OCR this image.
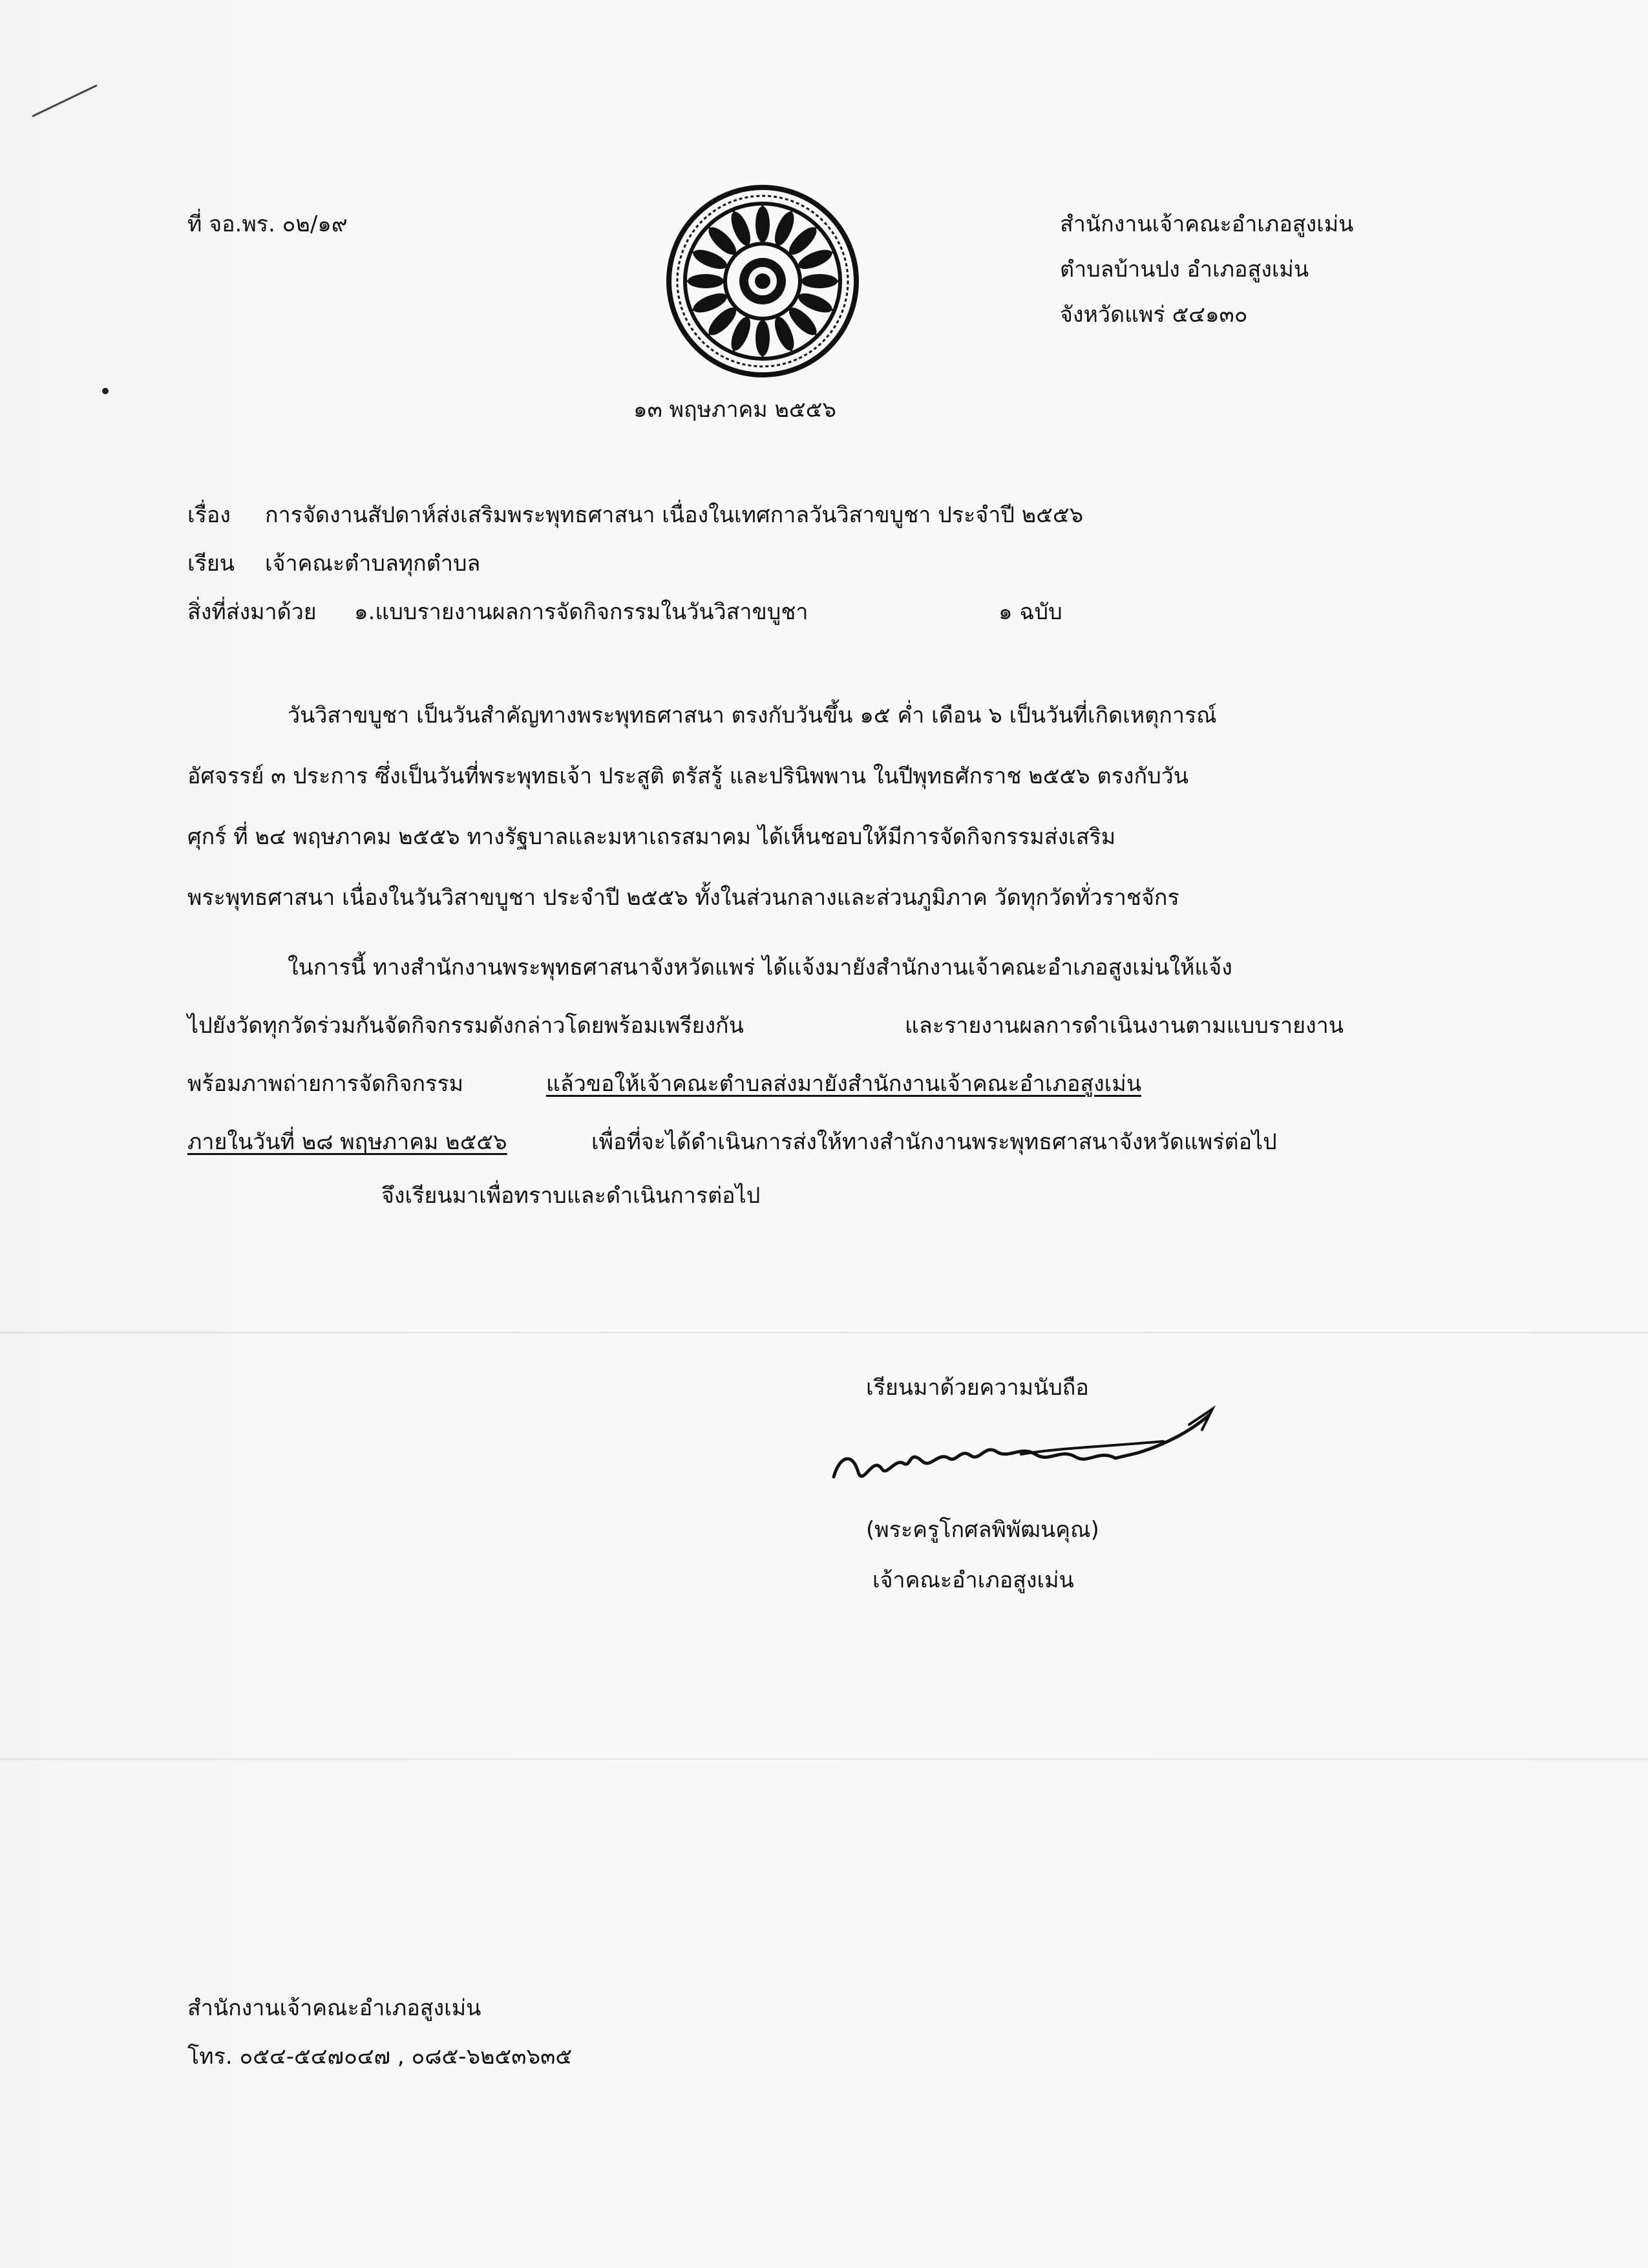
ที่ จอ.พร. ๐๒/๑๙	สำนักงานเจ้าคณะอำเภอสูงเม่น
ตำบลบ้านปง อำเภอสูงเม่น
จังหวัดแพร่ ๕๔๑๓๐
๑๓ พฤษภาคม ๒๕๕๖
เรื่อง การจัดงานสัปดาห์ส่งเสริมพระพุทธศาสนา เนื่องในเทศกาลวันวิสาขบูชา ประจำปี ๒๕๕๖
เรียน เจ้าคณะตำบลทุกตำบล
สิ่งที่ส่งมาด้วย ๑.แบบรายงานผลการจัดกิจกรรมในวันวิสาขบูชา	๑ ฉบับ
วันวิสาขบูชา เป็นวันสำคัญทางพระพุทธศาสนา ตรงกับวันขึ้น ๑๕ ค่ำ เดือน ๖ เป็นวันที่เกิดเหตุการณ์
อัศจรรย์ ๓ ประการ ซึ่งเป็นวันที่พระพุทธเจ้า ประสูติ ตรัสรู้ และปรินิพพาน ในปีพุทธศักราช ๒๕๕๖ ตรงกับวัน
ศุกร์ ที่ ๒๔ พฤษภาคม ๒๕๕๖ ทางรัฐบาลและมหาเถรสมาคม ได้เห็นชอบให้มีการจัดกิจกรรมส่งเสริม
พระพุทธศาสนา เนื่องในวันวิสาขบูชา ประจำปี ๒๕๕๖ ทั้งในส่วนกลางและส่วนภูมิภาค วัดทุกวัดทั่วราชจักร
ในการนี้ ทางสำนักงานพระพุทธศาสนาจังหวัดแพร่ ได้แจ้งมายังสำนักงานเจ้าคณะอำเภอสูงเม่นให้แจ้ง
ไปยังวัดทุกวัดร่วมกันจัดกิจกรรมดังกล่าวโดยพร้อมเพรียงกัน	และรายงานผลการดำเนินงานตามแบบรายงาน
พร้อมภาพถ่ายการจัดกิจกรรม	แล้วขอให้เจ้าคณะตำบลส่งมายังสำนักงานเจ้าคณะอำเภอสูงเม่น
ภายในวันที่ ๒๘ พฤษภาคม ๒๕๕๖	เพื่อที่จะได้ดำเนินการส่งให้ทางสำนักงานพระพุทธศาสนาจังหวัดแพร่ต่อไป
จึงเรียนมาเพื่อทราบและดำเนินการต่อไป
เรียนมาด้วยความนับถือ
(พระครูโกศลพิพัฒนคุณ)
เจ้าคณะอำเภอสูงเม่น
สำนักงานเจ้าคณะอำเภอสูงเม่น
โทร. ๐๕๔-๕๔๗๐๔๗ , ๐๘๕-๖๒๕๓๖๓๕
